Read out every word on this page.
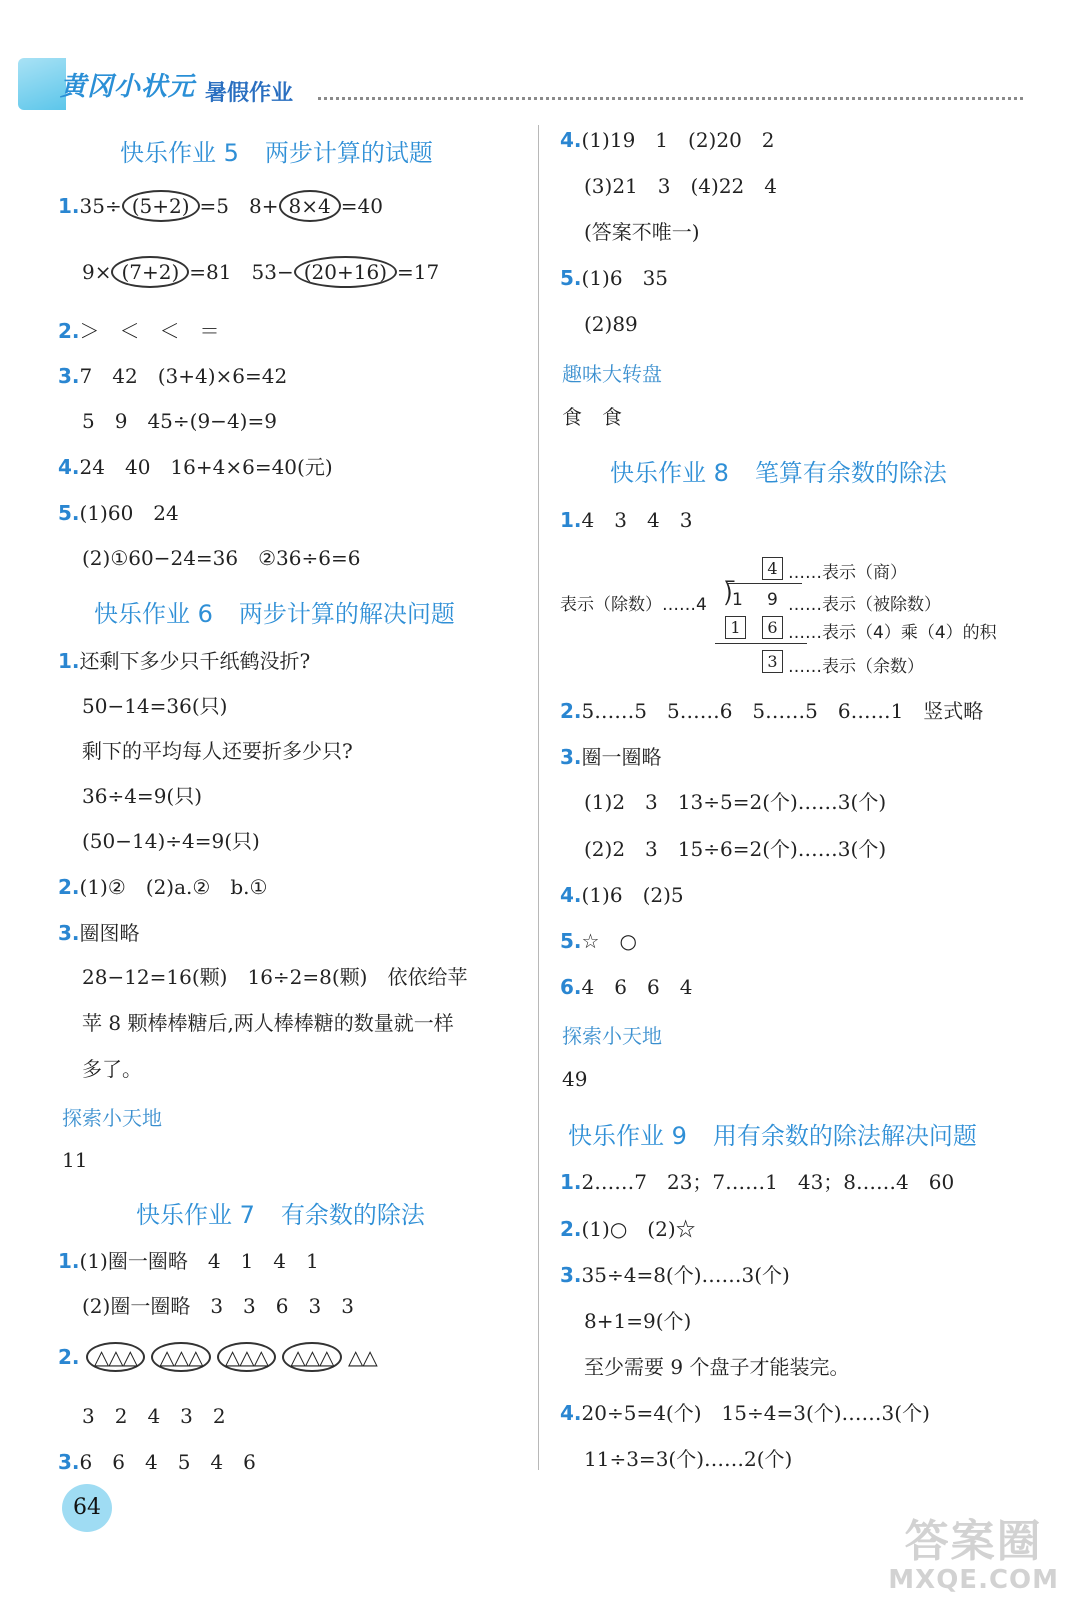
黄冈小状元 暑假作业
快乐作业 5 两步计算的试题
1.35÷ (5+2) =5　 8+ 8×4 =40
9× (7+2) =81　 53− (20+16) =17
2.＞　＜　＜　＝
3.7　42　(3+4)×6=42
5　9　45÷(9−4)=9
4.24　40　16+4×6=40(元)
5.(1)60　24
(2)①60−24=36　②36÷6=6
快乐作业 6 两步计算的解决问题
1.还剩下多少只千纸鹤没折?
50−14=36(只)
剩下的平均每人还要折多少只?
36÷4=9(只)
(50−14)÷4=9(只)
2.(1)②　(2)a.②　b.①
3.圈图略
28−12=16(颗)　16÷2=8(颗)　依依给苹
苹 8 颗棒棒糖后,两人棒棒糖的数量就一样
多了。
探索小天地
11
快乐作业 7 有余数的除法
1.(1)圈一圈略　4　1　4　1
(2)圈一圈略　3　3　6　3　3
2. △△△ △△△ △△△ △△△ △△
3　2　4　3　2
3.6　6　4　5　4　6
4.(1)19　1　(2)20　2
(3)21　3　(4)22　4
(答案不唯一)
5.(1)6　35
(2)89
趣味大转盘
食　食
快乐作业 8 笔算有余数的除法
1.4　3　4　3
4 ……表示（商）
表示（除数）……4 ⟌
1 9 ……表示（被除数）
1	6 ……表示（4）乘（4）的积
3 ……表示（余数）
2.5……5　5……6　5……5　6……1　竖式略
3.圈一圈略
(1)2　3　13÷5=2(个)……3(个)
(2)2　3　15÷6=2(个)……3(个)
4.(1)6　(2)5
5.☆　○
6.4　6　6　4
探索小天地
49
快乐作业 9 用有余数的除法解决问题
1.2……7　23；7……1　43；8……4　60
2.(1)○　(2)☆
3.35÷4=8(个)……3(个)
8+1=9(个)
至少需要 9 个盘子才能装完。
4.20÷5=4(个)　15÷4=3(个)……3(个)
11÷3=3(个)……2(个)
64
答案圈
MXQE.COM
